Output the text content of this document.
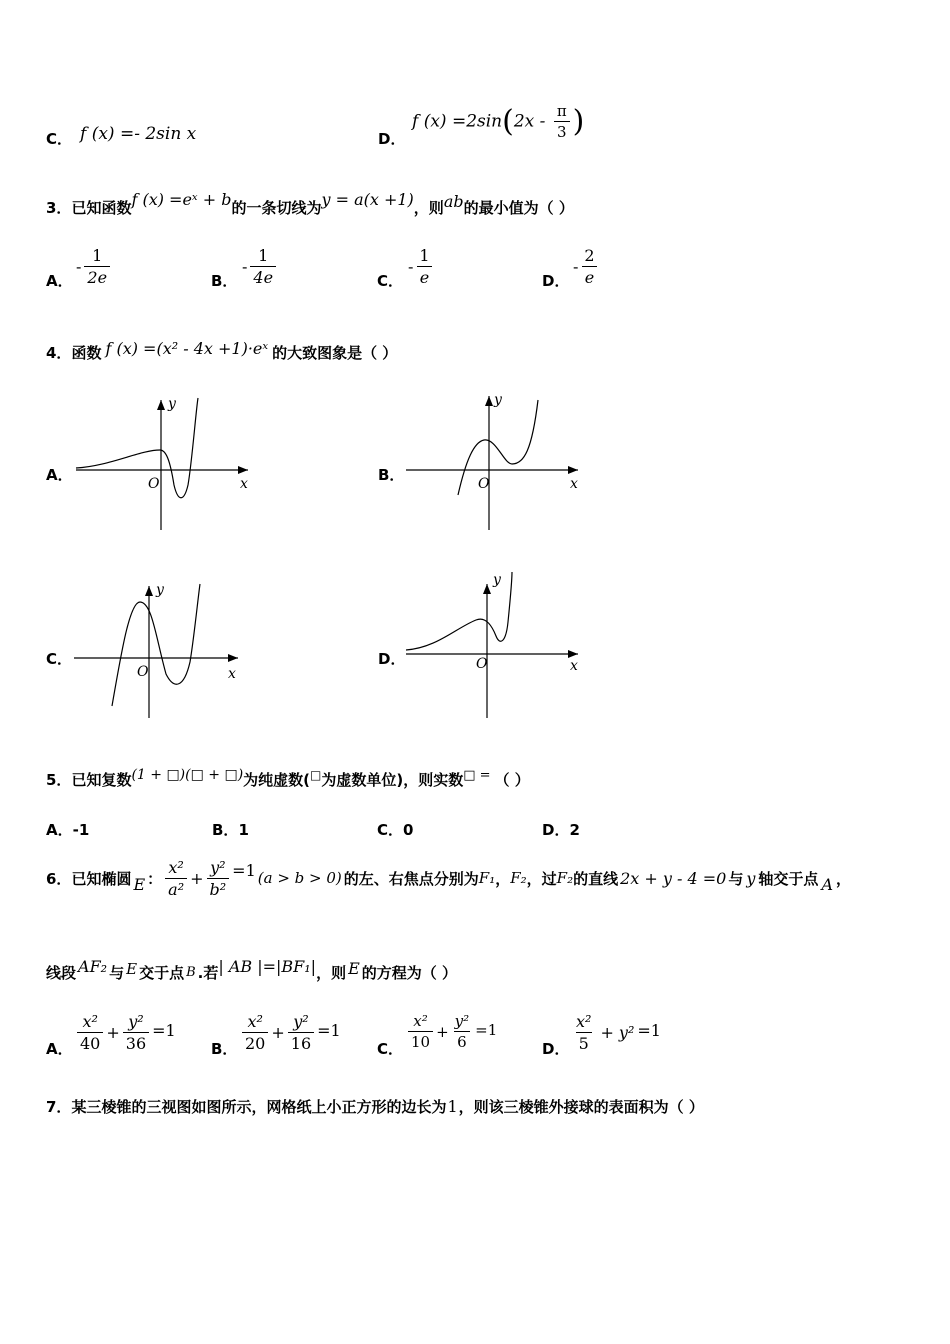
C． f (x) =- 2sin x	D．
f $(x) =2\sin(2x - \frac{\pi}{3}$ )
3．已知函数f (x) =eˣ + b的一条切线为y = a(x +1)，则ab的最小值为（ ）
A．
- $\frac{1}{2e}$	B．
- $\frac{1}{4e}$	C．
- $\frac{1}{e}$	D．
- $\frac{2}{e}$
4．函数 f (x) =(x² - 4x +1)·eˣ 的大致图象是（ ）
A．
y
x
O	B．
y
x
O
C．
y
x
O
D．
y
x
O
5．已知复数(1 + □)(□ + □)为纯虚数(□为虚数单位)，则实数□ = （ ）
A．-1	B．1	C．0	D．2
6． 已知椭圆 E ： $\frac{\text{x²}}{\text{a²}} + \frac{\text{y²}}{\text{b²}} =1$ (a > b > 0) 的左、右焦点分别为 F₁ ， F₂ ，过 F₂ 的直线 2x + y - 4 =0 与 y 轴交于点 A ，
线段 AF₂ 与 E 交于点 B .若| AB |=|BF₁|，则 E 的方程为（ ）
A． $\frac{\text{x²}}{40} + \frac{\text{y²}}{36} =1$
B． $\frac{\text{x²}}{20} + \frac{\text{y²}}{16} =1$
C． $\frac{\text{x²}}{10} + \frac{\text{y²}}{6} =1$
D． $\frac{\text{x²}}{5} + y^2 =1$
7．某三棱锥的三视图如图所示，网格纸上小正方形的边长为1，则该三棱锥外接球的表面积为（ ）
